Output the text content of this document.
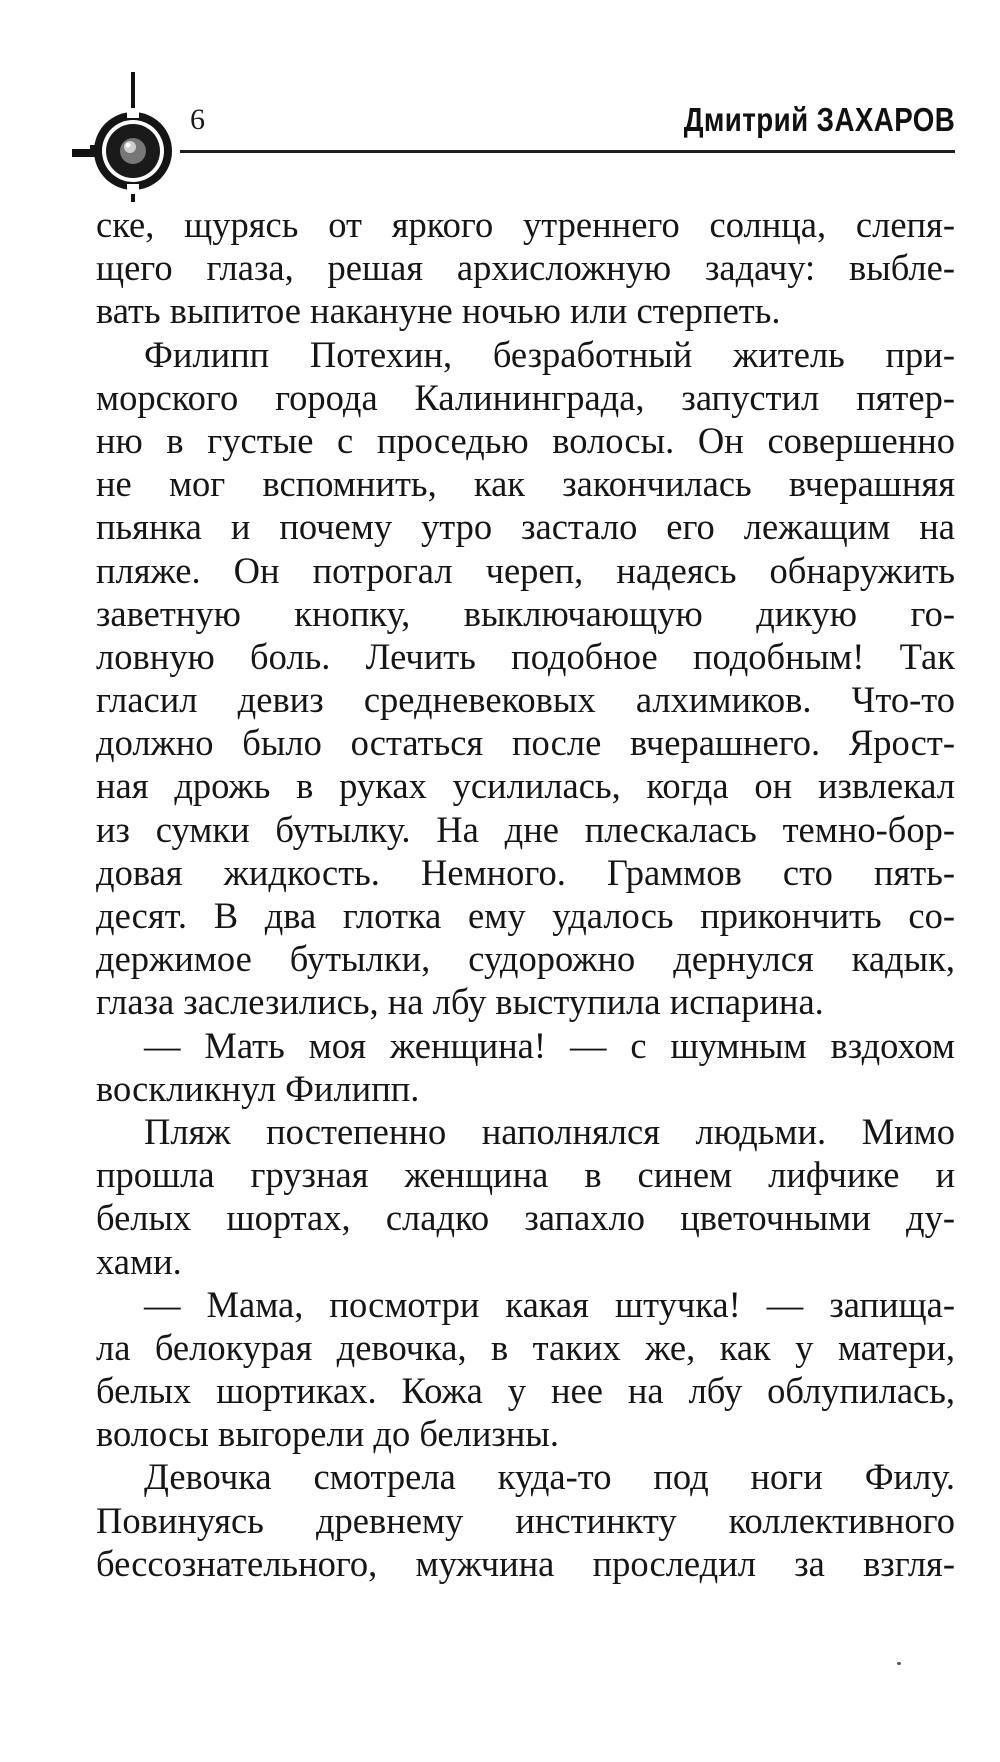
6	Дмитрий ЗАХАРОВ
ске, щурясь от яркого утреннего солнца, слепя-
щего глаза, решая архисложную задачу: выбле-
вать выпитое накануне ночью или стерпеть.
Филипп Потехин, безработный житель при-
морского города Калининграда, запустил пятер-
ню в густые с проседью волосы. Он совершенно
не мог вспомнить, как закончилась вчерашняя
пьянка и почему утро застало его лежащим на
пляже. Он потрогал череп, надеясь обнаружить
заветную кнопку, выключающую дикую го-
ловную боль. Лечить подобное подобным! Так
гласил девиз средневековых алхимиков. Что-то
должно было остаться после вчерашнего. Ярост-
ная дрожь в руках усилилась, когда он извлекал
из сумки бутылку. На дне плескалась темно-бор-
довая жидкость. Немного. Граммов сто пять-
десят. В два глотка ему удалось прикончить со-
держимое бутылки, судорожно дернулся кадык,
глаза заслезились, на лбу выступила испарина.
— Мать моя женщина! — с шумным вздохом
воскликнул Филипп.
Пляж постепенно наполнялся людьми. Мимо
прошла грузная женщина в синем лифчике и
белых шортах, сладко запахло цветочными ду-
хами.
— Мама, посмотри какая штучка! — запища-
ла белокурая девочка, в таких же, как у матери,
белых шортиках. Кожа у нее на лбу облупилась,
волосы выгорели до белизны.
Девочка смотрела куда-то под ноги Филу.
Повинуясь древнему инстинкту коллективного
бессознательного, мужчина проследил за взгля-
